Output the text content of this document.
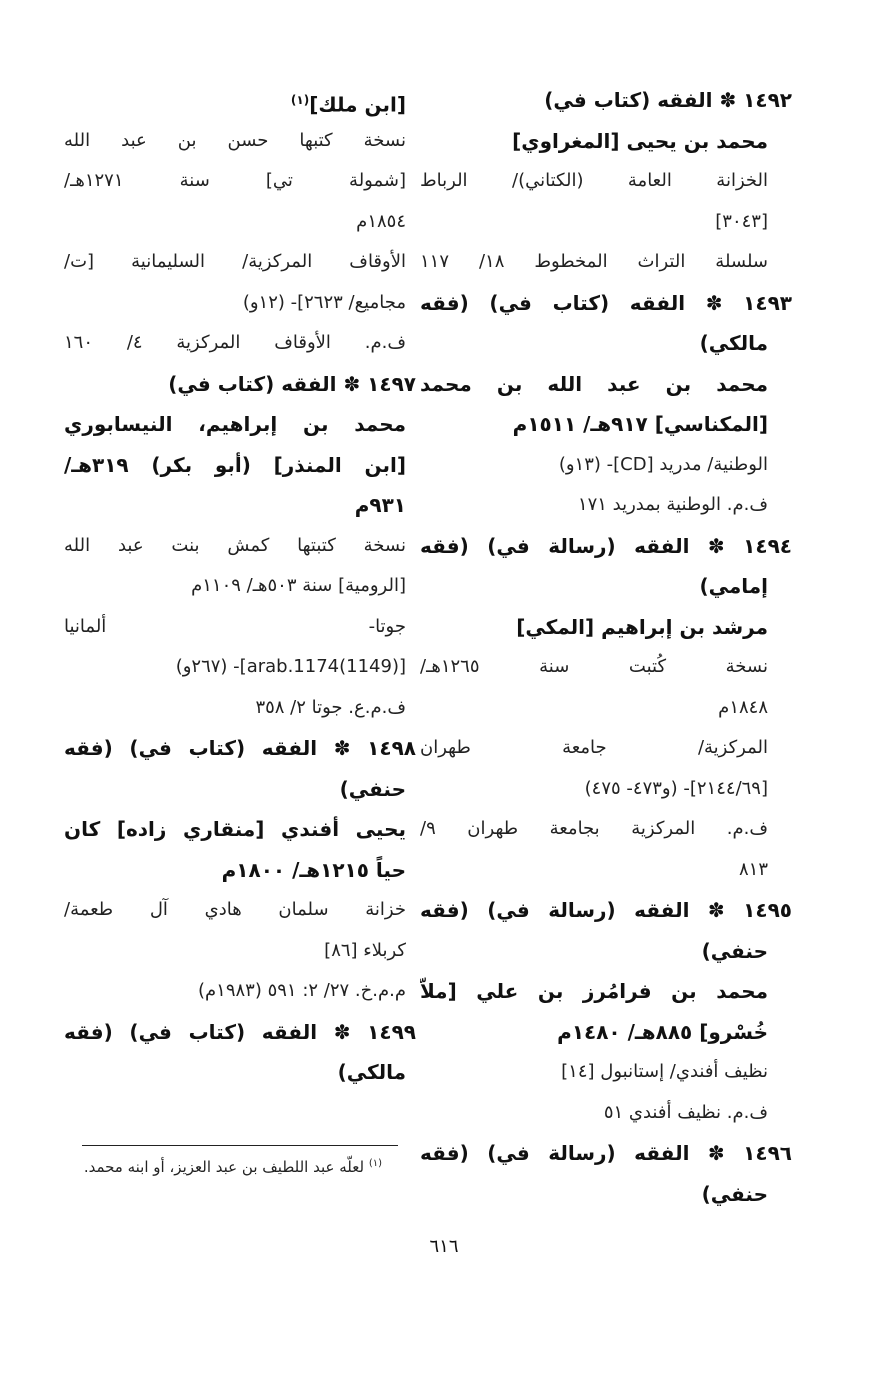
١٤٩٢ ✽ الفقه (كتاب في)
محمد بن يحيى [المغراوي]
الخزانة العامة (الكتاني)/ الرباط
[٣٠٤٣]
سلسلة التراث المخطوط ١٨/ ١١٧
١٤٩٣ ✽ الفقه (كتاب في) (فقه
مالكي)
محمد بن عبد الله بن محمد
[المكناسي] ٩١٧هـ/ ١٥١١م
الوطنية/ مدريد [CD]- (١٣و)
ف.م. الوطنية بمدريد ١٧١
١٤٩٤ ✽ الفقه (رسالة في) (فقه
إمامي)
مرشد بن إبراهيم [المكي]
نسخة كُتبت سنة ١٢٦٥هـ/
١٨٤٨م
المركزية/ جامعة طهران
[٢١٤٤/٦٩]- (و٤٧٣- ٤٧٥)
ف.م. المركزية بجامعة طهران ٩/
٨١٣
١٤٩٥ ✽ الفقه (رسالة في) (فقه
حنفي)
محمد بن فرامُرز بن علي [ملاّ
خُسْرو] ٨٨٥هـ/ ١٤٨٠م
نظيف أفندي/ إستانبول [١٤]
ف.م. نظيف أفندي ٥١
١٤٩٦ ✽ الفقه (رسالة في) (فقه
حنفي)
[ابن ملك]$^{(١)}$
نسخة كتبها حسن بن عبد الله
[شمولة تي] سنة ١٢٧١هـ/
١٨٥٤م
الأوقاف المركزية/ السليمانية [ت/
مجاميع/ ٢٦٢٣]- (١٢و)
ف.م. الأوقاف المركزية ٤/ ١٦٠
١٤٩٧ ✽ الفقه (كتاب في)
محمد بن إبراهيم، النيسابوري
[ابن المنذر] (أبو بكر) ٣١٩هـ/
٩٣١م
نسخة كتبتها كمش بنت عبد الله
[الرومية] سنة ٥٠٣هـ/ ١١٠٩م
جوتا- ألمانيا
[(1149)arab.1174]- (٢٦٧و)
ف.م.ع. جوتا ٢/ ٣٥٨
١٤٩٨ ✽ الفقه (كتاب في) (فقه
حنفي)
يحيى أفندي [منقاري زاده] كان
حياً ١٢١٥هـ/ ١٨٠٠م
خزانة سلمان هادي آل طعمة/
كربلاء [٨٦]
م.م.خ. ٢٧/ ٢: ٥٩١ (١٩٨٣م)
١٤٩٩ ✽ الفقه (كتاب في) (فقه
مالكي)
$^{(١)}$ لعلّه عبد اللطيف بن عبد العزيز، أو ابنه محمد.
٦١٦
